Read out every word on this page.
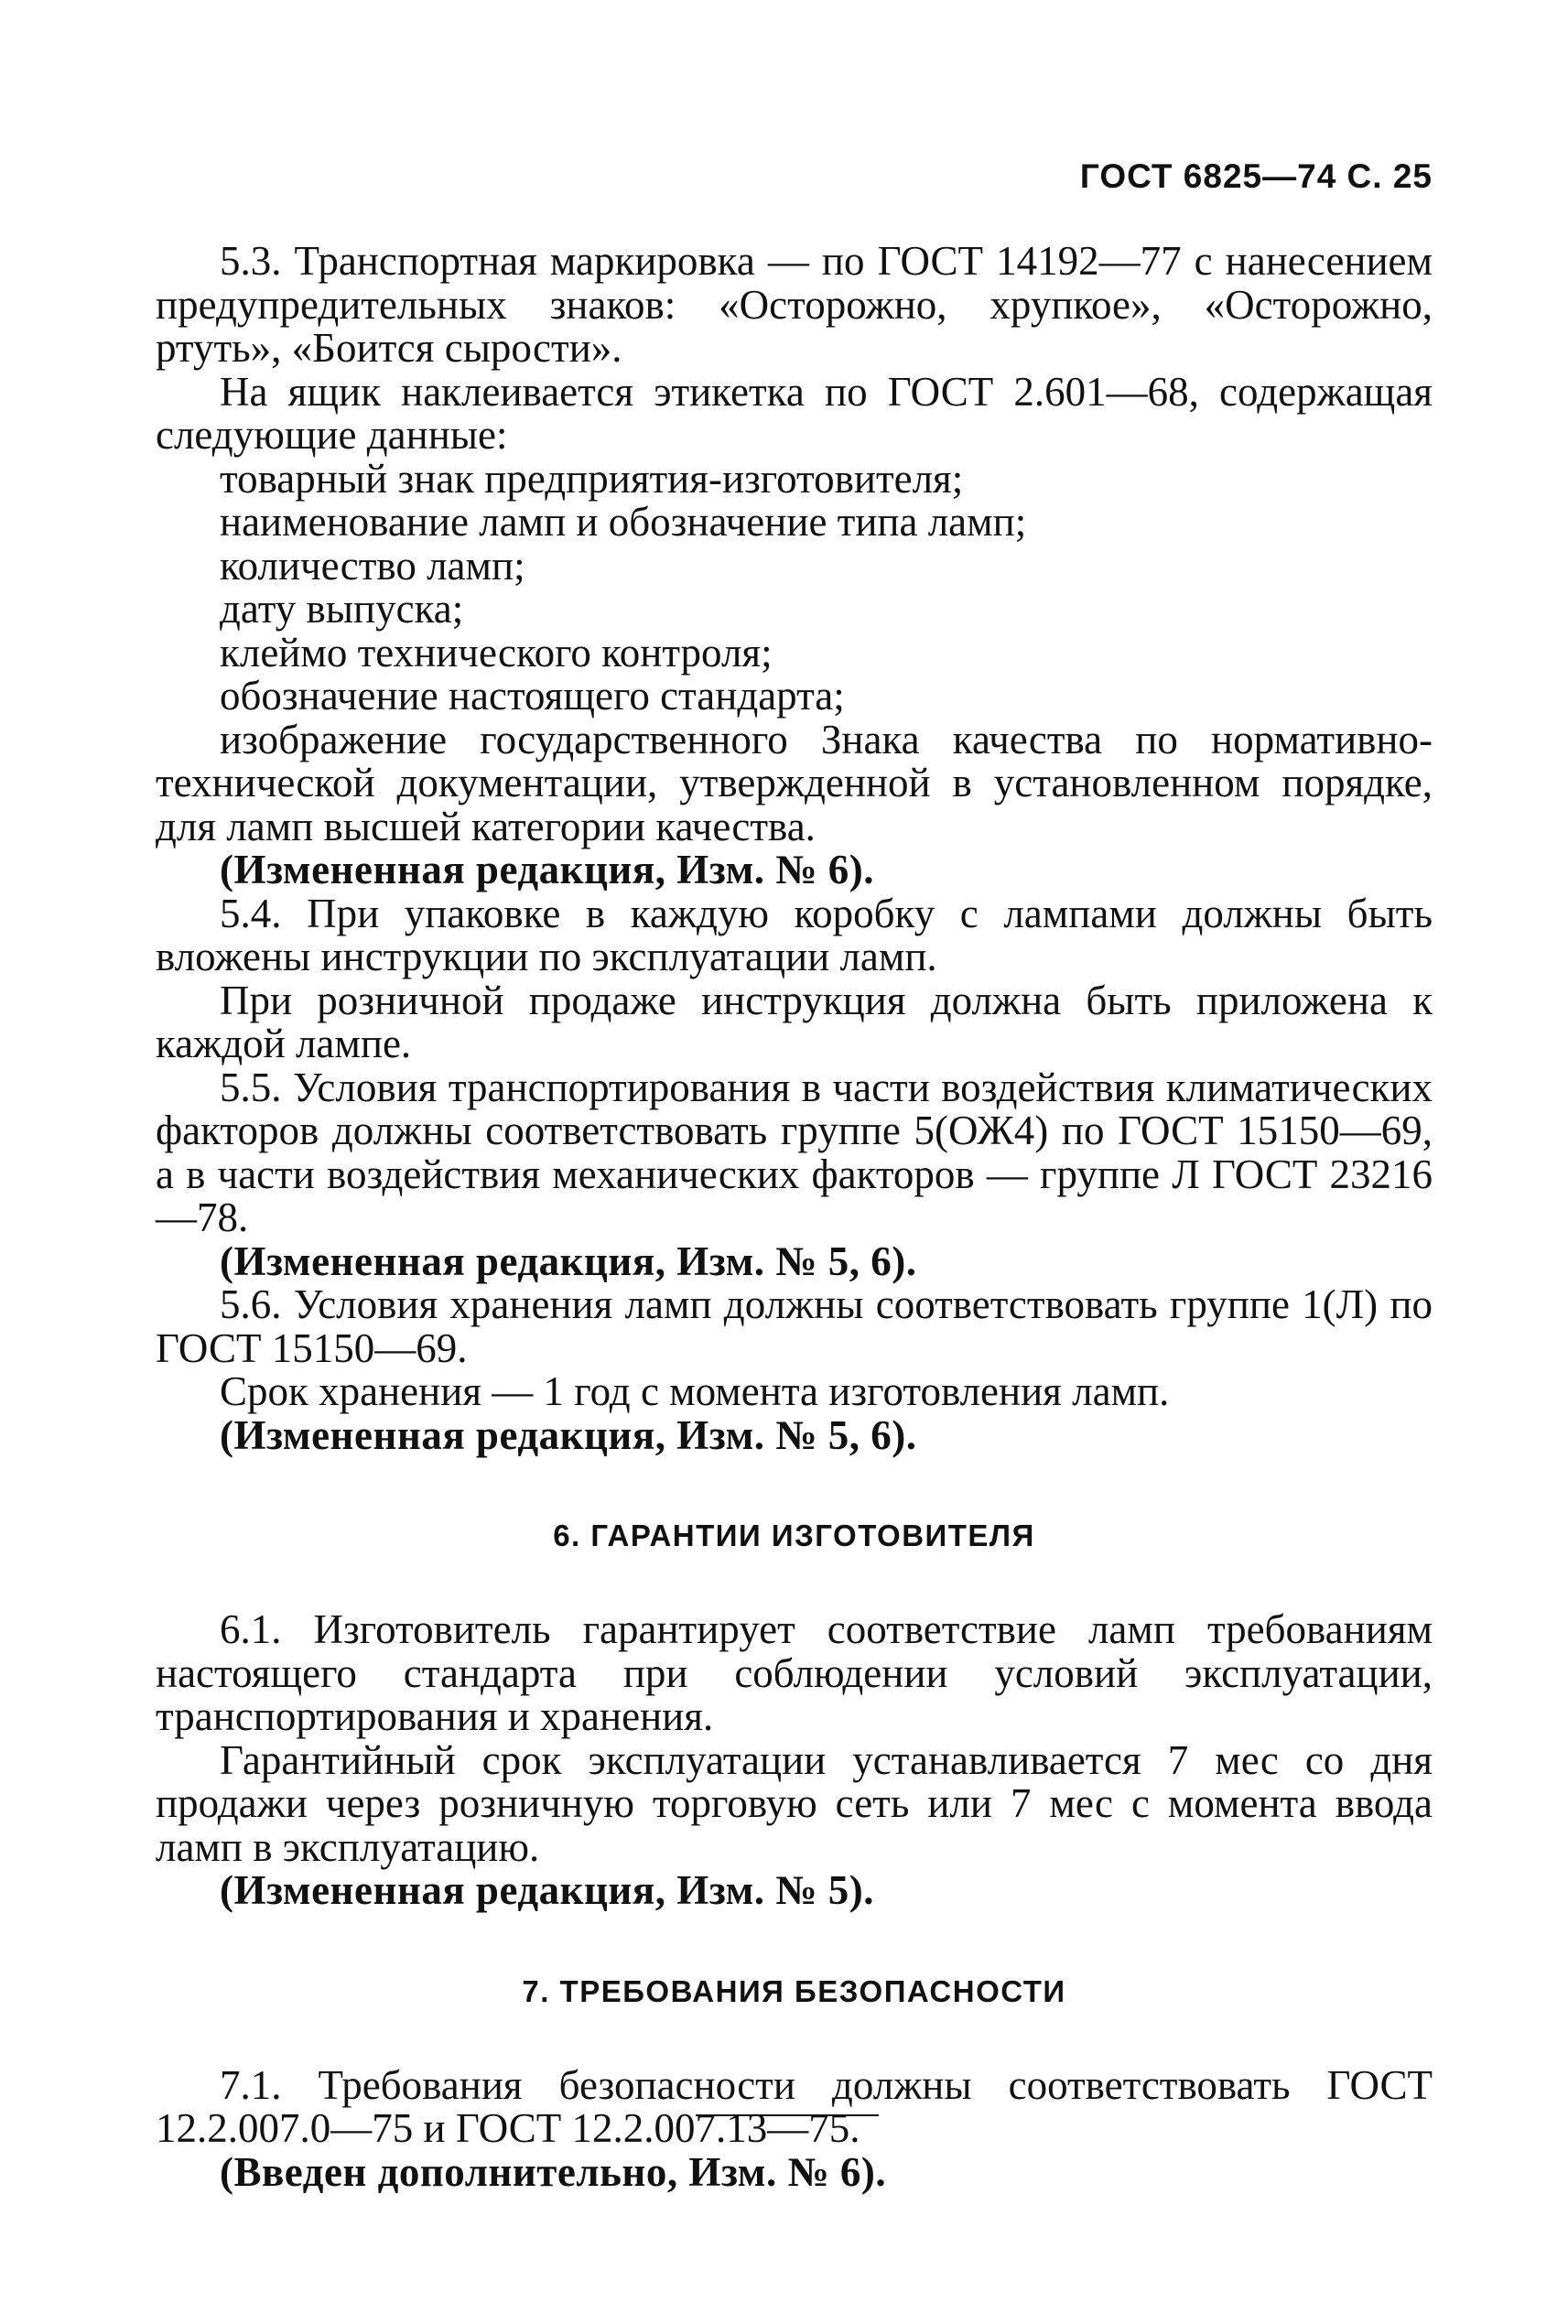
ГОСТ 6825—74 С. 25

5.3. Транспортная маркировка — по ГОСТ 14192—77 с нанесением предупредительных знаков: «Осторожно, хрупкое», «Осторожно, ртуть», «Боится сырости».

На ящик наклеивается этикетка по ГОСТ 2.601—68, содержащая следующие данные:

товарный знак предприятия-изготовителя;

наименование ламп и обозначение типа ламп;

количество ламп;

дату выпуска;

клеймо технического контроля;

обозначение настоящего стандарта;

изображение государственного Знака качества по нормативно-технической документации, утвержденной в установленном порядке, для ламп высшей категории качества.

(Измененная редакция, Изм. № 6).

5.4. При упаковке в каждую коробку с лампами должны быть вложены инструкции по эксплуатации ламп.

При розничной продаже инструкция должна быть приложена к каждой лампе.

5.5. Условия транспортирования в части воздействия климатических факторов должны соответствовать группе 5(ОЖ4) по ГОСТ 15150—69, а в части воздействия механических факторов — группе Л ГОСТ 23216—78.

(Измененная редакция, Изм. № 5, 6).

5.6. Условия хранения ламп должны соответствовать группе 1(Л) по ГОСТ 15150—69.

Срок хранения — 1 год с момента изготовления ламп.

(Измененная редакция, Изм. № 5, 6).

6. ГАРАНТИИ ИЗГОТОВИТЕЛЯ

6.1. Изготовитель гарантирует соответствие ламп требованиям настоящего стандарта при соблюдении условий эксплуатации, транспортирования и хранения.

Гарантийный срок эксплуатации устанавливается 7 мес со дня продажи через розничную торговую сеть или 7 мес с момента ввода ламп в эксплуатацию.

(Измененная редакция, Изм. № 5).

7. ТРЕБОВАНИЯ БЕЗОПАСНОСТИ

7.1. Требования безопасности должны соответствовать ГОСТ 12.2.007.0—75 и ГОСТ 12.2.007.13—75.

(Введен дополнительно, Изм. № 6).
